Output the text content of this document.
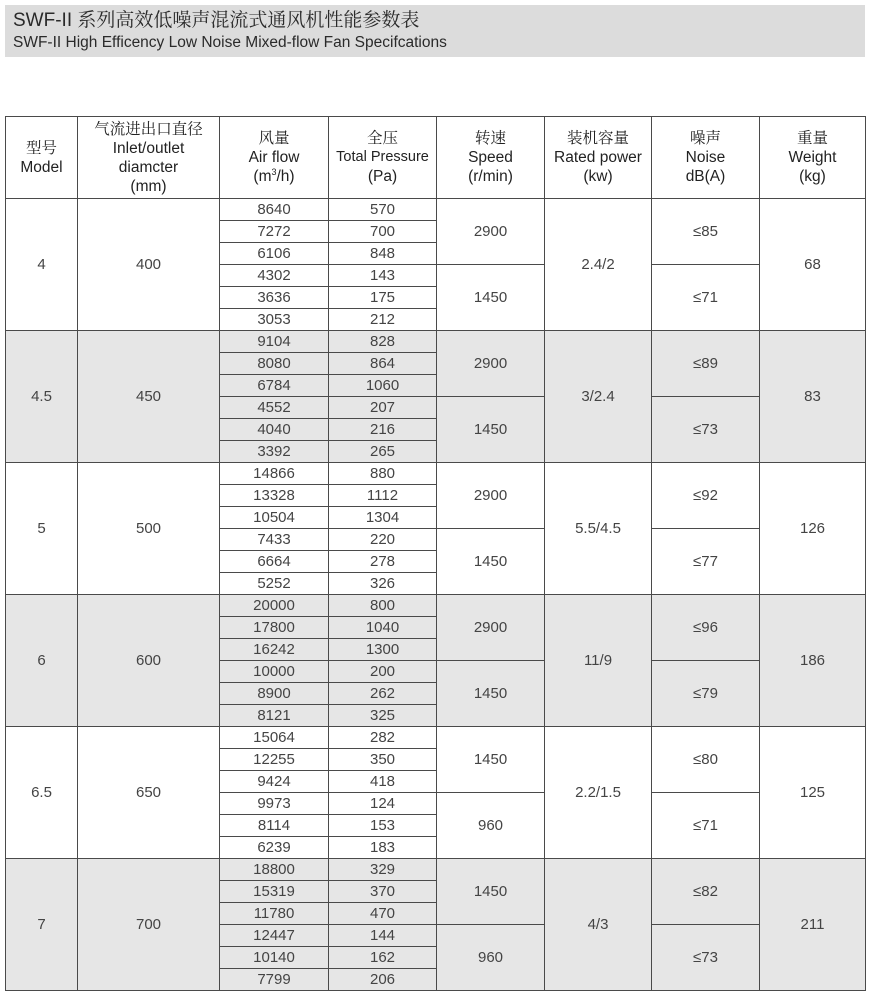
SWF-II 系列高效低噪声混流式通风机性能参数表
SWF-II High Efficency Low Noise Mixed-flow Fan Specifcations
型号
Model	气流进出口直径
Inlet/outlet
diamcter
(mm)	风量
Air flow
$(m^3/h)$	全压
Total Pressure
(Pa)	转速
Speed
(r/min)	装机容量
Rated power
(kw)	噪声
Noise
dB(A)	重量
Weight
(kg)

4	400	8640	570	2900	2.4/2	≤85	68
		7272	700				
		6106	848				
		4302	143	1450		≤71	
		3636	175				
		3053	212				
4.5	450	9104	828	2900	3/2.4	≤89	83
		8080	864				
		6784	1060				
		4552	207	1450		≤73	
		4040	216				
		3392	265				
5	500	14866	880	2900	5.5/4.5	≤92	126
		13328	1112				
		10504	1304				
		7433	220	1450		≤77	
		6664	278				
		5252	326				
6	600	20000	800	2900	11/9	≤96	186
		17800	1040				
		16242	1300				
		10000	200	1450		≤79	
		8900	262				
		8121	325				
6.5	650	15064	282	1450	2.2/1.5	≤80	125
		12255	350				
		9424	418				
		9973	124	960		≤71	
		8114	153				
		6239	183				
7	700	18800	329	1450	4/3	≤82	211
		15319	370				
		11780	470				
		12447	144	960		≤73	
		10140	162				
		7799	206				
